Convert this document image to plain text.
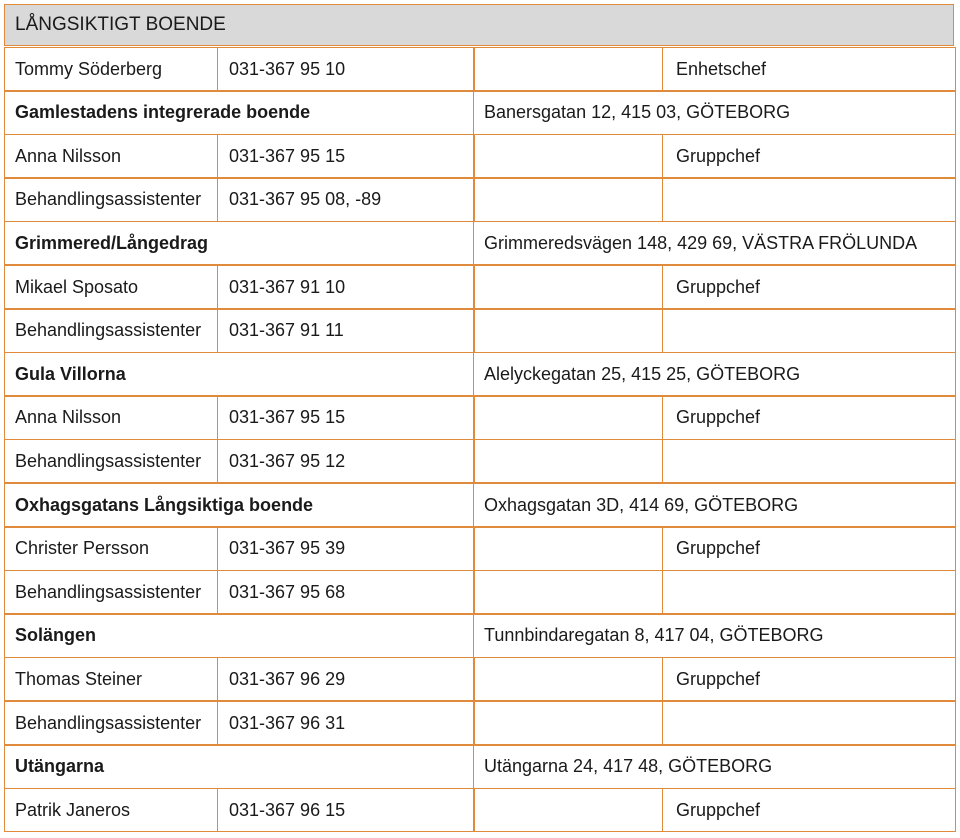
LÅNGSIKTIGT BOENDE
Tommy Söderberg	031-367 95 10	Enhetschef
Gamlestadens integrerade boende	Banersgatan 12, 415 03, GÖTEBORG
Anna Nilsson	031-367 95 15	Gruppchef
Behandlingsassistenter	031-367 95 08, -89
Grimmered/Långedrag	Grimmeredsvägen 148, 429 69, VÄSTRA FRÖLUNDA
Mikael Sposato	031-367 91 10	Gruppchef
Behandlingsassistenter	031-367 91 11
Gula Villorna	Alelyckegatan 25, 415 25, GÖTEBORG
Anna Nilsson	031-367 95 15	Gruppchef
Behandlingsassistenter	031-367 95 12
Oxhagsgatans Långsiktiga boende	Oxhagsgatan 3D, 414 69, GÖTEBORG
Christer Persson	031-367 95 39	Gruppchef
Behandlingsassistenter	031-367 95 68
Solängen	Tunnbindaregatan 8, 417 04, GÖTEBORG
Thomas Steiner	031-367 96 29	Gruppchef
Behandlingsassistenter	031-367 96 31
Utängarna	Utängarna 24, 417 48, GÖTEBORG
Patrik Janeros	031-367 96 15	Gruppchef
